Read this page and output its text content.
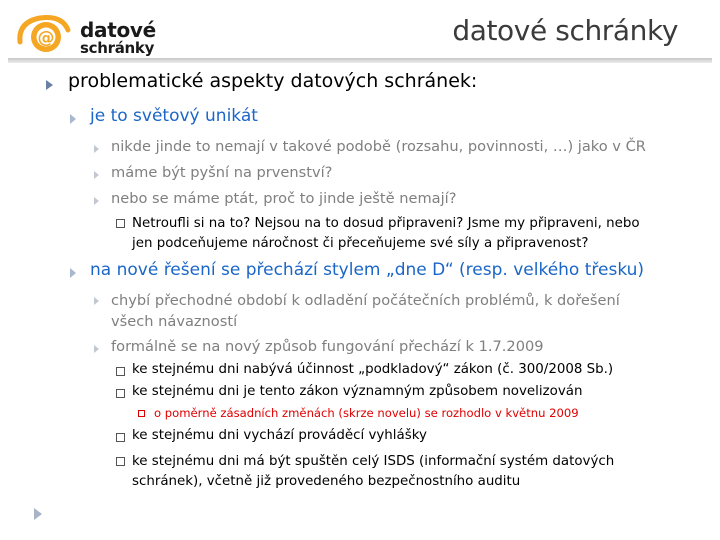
@ datové
schránky
datové schránky
problematické aspekty datových schránek:
je to světový unikát
nikde jinde to nemají v takové podobě (rozsahu, povinnosti, …) jako v ČR
máme být pyšní na prvenství?
nebo se máme ptát, proč to jinde ještě nemají?
Netroufli si na to? Nejsou na to dosud připraveni? Jsme my připraveni, nebo
jen podceňujeme náročnost či přeceňujeme své síly a připravenost?
na nové řešení se přechází stylem „dne D“ (resp. velkého třesku)
chybí přechodné období k odladění počátečních problémů, k dořešení
všech návazností
formálně se na nový způsob fungování přechází k 1.7.2009
ke stejnému dni nabývá účinnost „podkladový“ zákon (č. 300/2008 Sb.)
ke stejnému dni je tento zákon významným způsobem novelizován
o poměrně zásadních změnách (skrze novelu) se rozhodlo v květnu 2009
ke stejnému dni vychází prováděcí vyhlášky
ke stejnému dni má být spuštěn celý ISDS (informační systém datových
schránek), včetně již provedeného bezpečnostního auditu
